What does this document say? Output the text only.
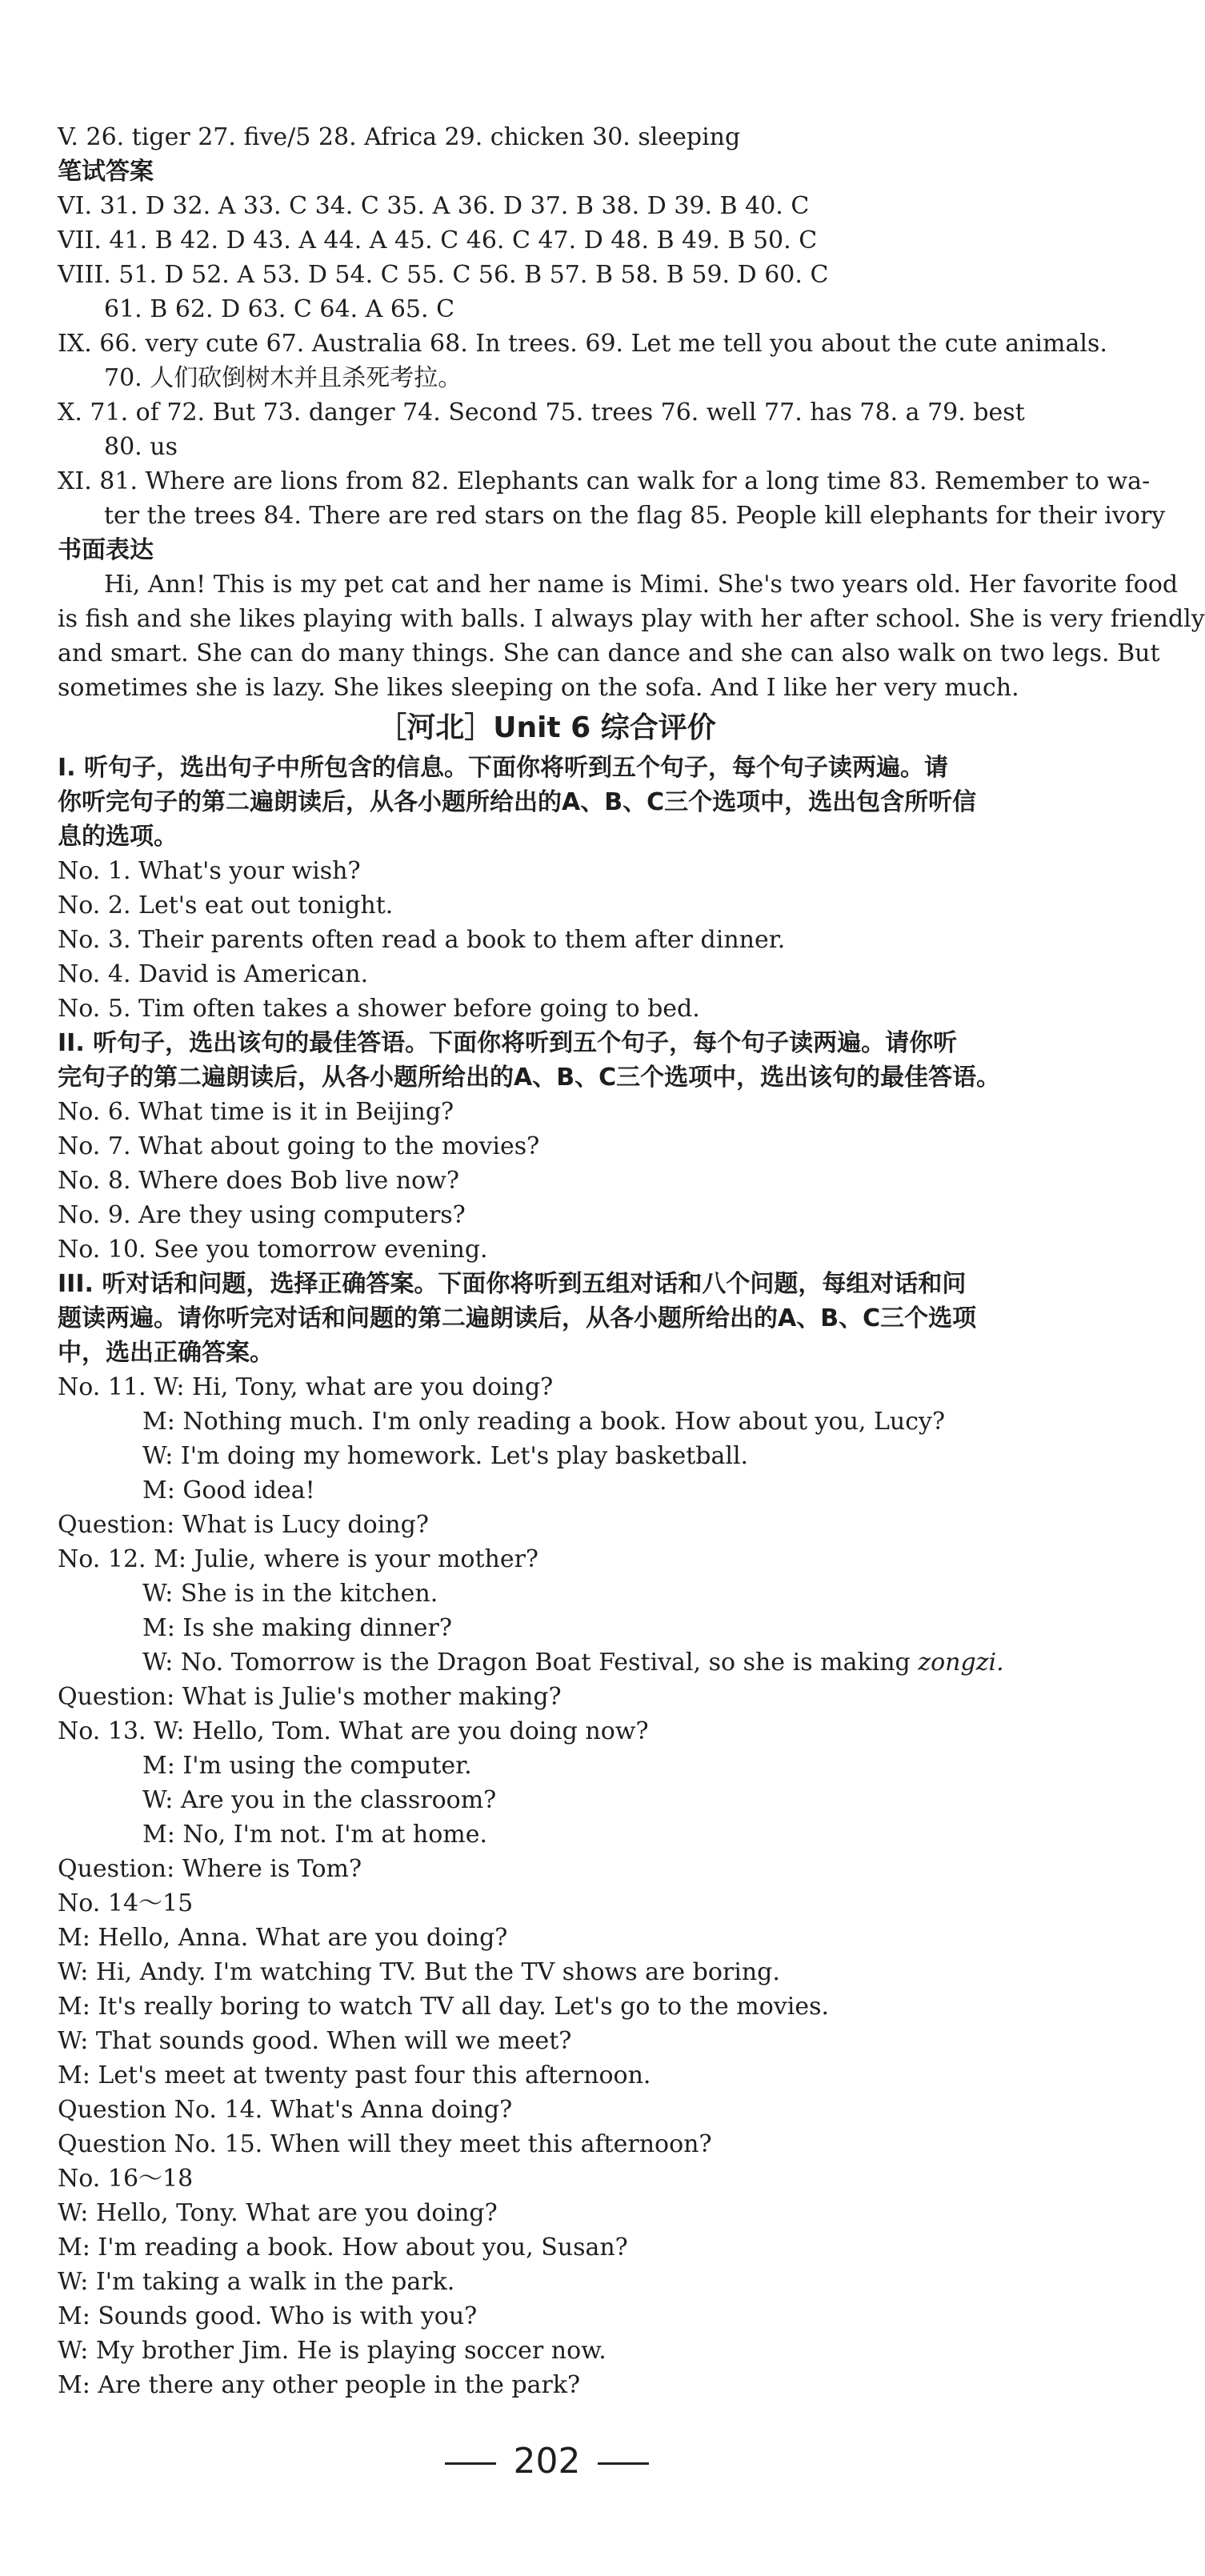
V. 26. tiger 27. five/5 28. Africa 29. chicken 30. sleeping
笔试答案
VI. 31. D 32. A 33. C 34. C 35. A 36. D 37. B 38. D 39. B 40. C
VII. 41. B 42. D 43. A 44. A 45. C 46. C 47. D 48. B 49. B 50. C
VIII. 51. D 52. A 53. D 54. C 55. C 56. B 57. B 58. B 59. D 60. C
61. B 62. D 63. C 64. A 65. C
IX. 66. very cute 67. Australia 68. In trees. 69. Let me tell you about the cute animals.
70. 人们砍倒树木并且杀死考拉。
X. 71. of 72. But 73. danger 74. Second 75. trees 76. well 77. has 78. a 79. best
80. us
XI. 81. Where are lions from 82. Elephants can walk for a long time 83. Remember to wa-
ter the trees 84. There are red stars on the flag 85. People kill elephants for their ivory
书面表达
Hi, Ann! This is my pet cat and her name is Mimi. She's two years old. Her favorite food
is fish and she likes playing with balls. I always play with her after school. She is very friendly
and smart. She can do many things. She can dance and she can also walk on two legs. But
sometimes she is lazy. She likes sleeping on the sofa. And I like her very much.
［河北］Unit 6 综合评价
I. 听句子，选出句子中所包含的信息。下面你将听到五个句子，每个句子读两遍。请
你听完句子的第二遍朗读后，从各小题所给出的A、B、C三个选项中，选出包含所听信
息的选项。
No. 1. What's your wish?
No. 2. Let's eat out tonight.
No. 3. Their parents often read a book to them after dinner.
No. 4. David is American.
No. 5. Tim often takes a shower before going to bed.
II. 听句子，选出该句的最佳答语。下面你将听到五个句子，每个句子读两遍。请你听
完句子的第二遍朗读后，从各小题所给出的A、B、C三个选项中，选出该句的最佳答语。
No. 6. What time is it in Beijing?
No. 7. What about going to the movies?
No. 8. Where does Bob live now?
No. 9. Are they using computers?
No. 10. See you tomorrow evening.
III. 听对话和问题，选择正确答案。下面你将听到五组对话和八个问题，每组对话和问
题读两遍。请你听完对话和问题的第二遍朗读后，从各小题所给出的A、B、C三个选项
中，选出正确答案。
No. 11. W: Hi, Tony, what are you doing?
M: Nothing much. I'm only reading a book. How about you, Lucy?
W: I'm doing my homework. Let's play basketball.
M: Good idea!
Question: What is Lucy doing?
No. 12. M: Julie, where is your mother?
W: She is in the kitchen.
M: Is she making dinner?
W: No. Tomorrow is the Dragon Boat Festival, so she is making zongzi.
Question: What is Julie's mother making?
No. 13. W: Hello, Tom. What are you doing now?
M: I'm using the computer.
W: Are you in the classroom?
M: No, I'm not. I'm at home.
Question: Where is Tom?
No. 14～15
M: Hello, Anna. What are you doing?
W: Hi, Andy. I'm watching TV. But the TV shows are boring.
M: It's really boring to watch TV all day. Let's go to the movies.
W: That sounds good. When will we meet?
M: Let's meet at twenty past four this afternoon.
Question No. 14. What's Anna doing?
Question No. 15. When will they meet this afternoon?
No. 16～18
W: Hello, Tony. What are you doing?
M: I'm reading a book. How about you, Susan?
W: I'm taking a walk in the park.
M: Sounds good. Who is with you?
W: My brother Jim. He is playing soccer now.
M: Are there any other people in the park?
202
